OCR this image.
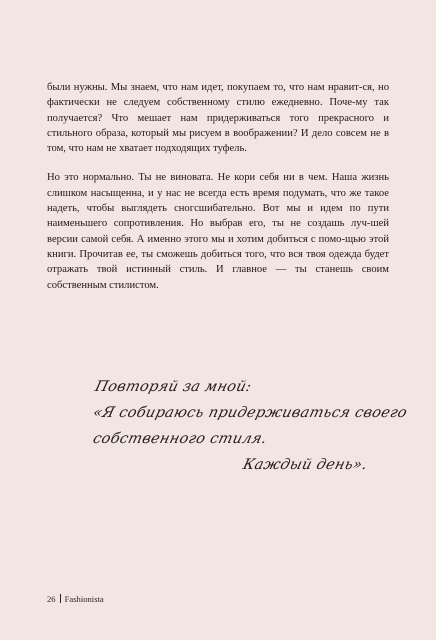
были нужны. Мы знаем, что нам идет, покупаем то, что нам нравит-ся, но фактически не следуем собственному стилю ежедневно. Поче-му так получается? Что мешает нам придерживаться того прекрасного и стильного образа, который мы рисуем в воображении? И дело совсем не в том, что нам не хватает подходящих туфель.

Но это нормально. Ты не виновата. Не кори себя ни в чем. Наша жизнь слишком насыщенна, и у нас не всегда есть время подумать, что же такое надеть, чтобы выглядеть сногсшибательно. Вот мы и идем по пути наименьшего сопротивления. Но выбрав его, ты не создашь луч-шей версии самой себя. А именно этого мы и хотим добиться с помо-щью этой книги. Прочитав ее, ты сможешь добиться того, что вся твоя одежда будет отражать твой истинный стиль. И главное — ты станешь своим собственным стилистом.

Повторяй за мной:
«Я собираюсь придерживаться своего
собственного стиля.
Каждый день».
26 Fashionista
